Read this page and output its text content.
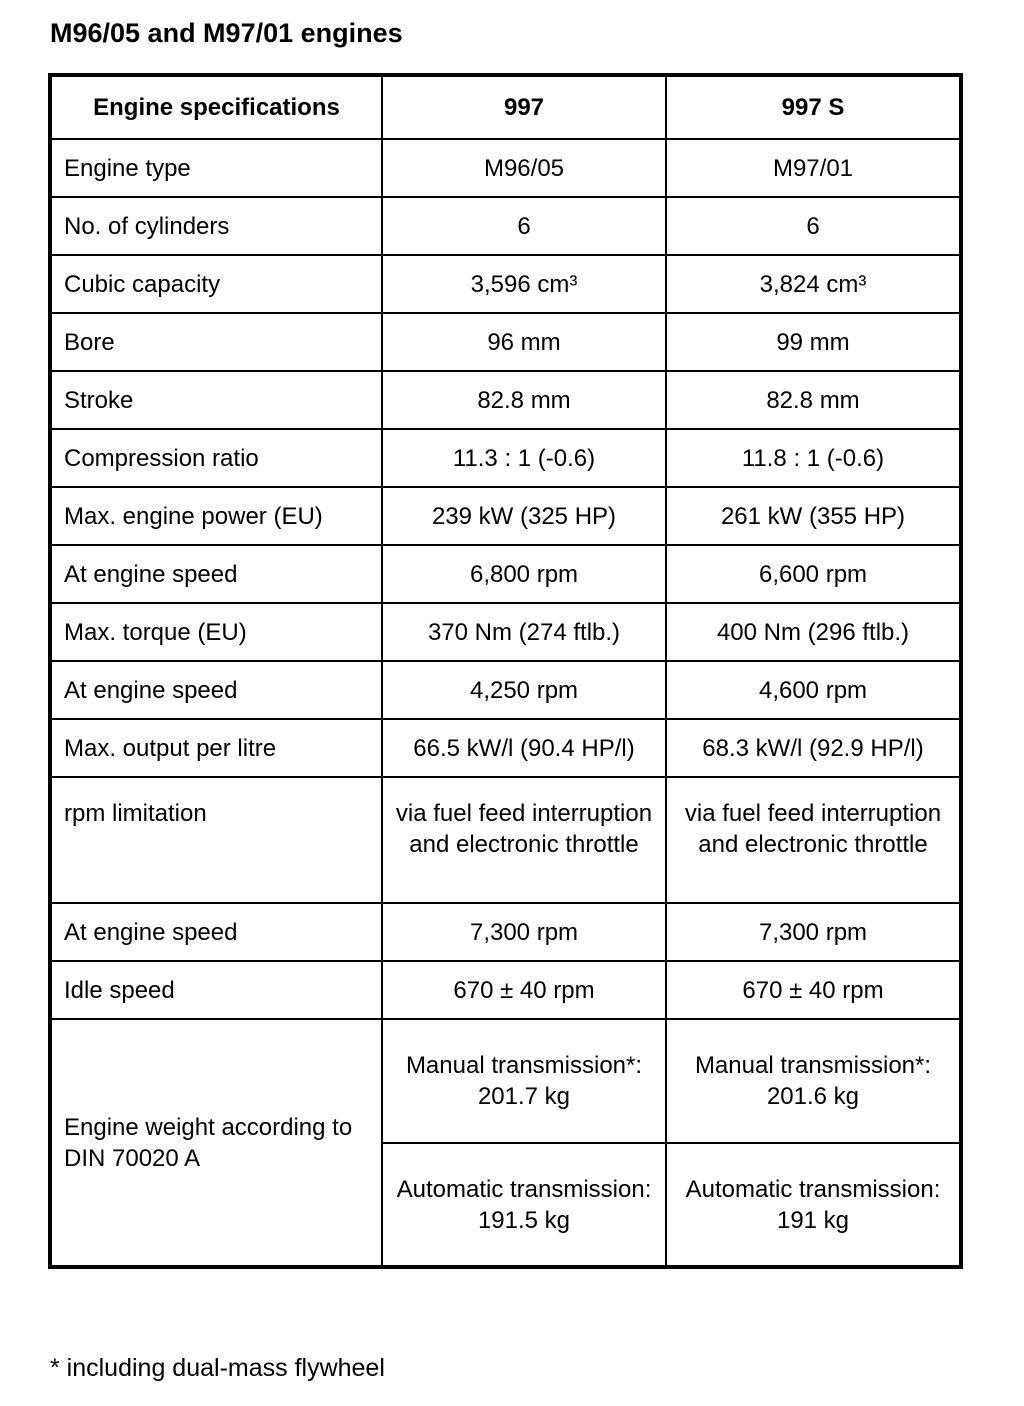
M96/05 and M97/01 engines
Engine specifications	997	997 S
Engine type	M96/05	M97/01
No. of cylinders	6	6
Cubic capacity	3,596 cm³	3,824 cm³
Bore	96 mm	99 mm
Stroke	82.8 mm	82.8 mm
Compression ratio	11.3 : 1 (-0.6)	11.8 : 1 (-0.6)
Max. engine power (EU)	239 kW (325 HP)	261 kW (355 HP)
At engine speed	6,800 rpm	6,600 rpm
Max. torque (EU)	370 Nm (274 ftlb.)	400 Nm (296 ftlb.)
At engine speed	4,250 rpm	4,600 rpm
Max. output per litre	66.5 kW/l (90.4 HP/l)	68.3 kW/l (92.9 HP/l)
rpm limitation	via fuel feed interruption and electronic throttle	via fuel feed interruption and electronic throttle
At engine speed	7,300 rpm	7,300 rpm
Idle speed	670 ± 40 rpm	670 ± 40 rpm
Engine weight according to DIN 70020 A	Manual transmission*: 201.7 kg	Manual transmission*: 201.6 kg
	Automatic transmission: 191.5 kg	Automatic transmission: 191 kg

* including dual-mass flywheel
